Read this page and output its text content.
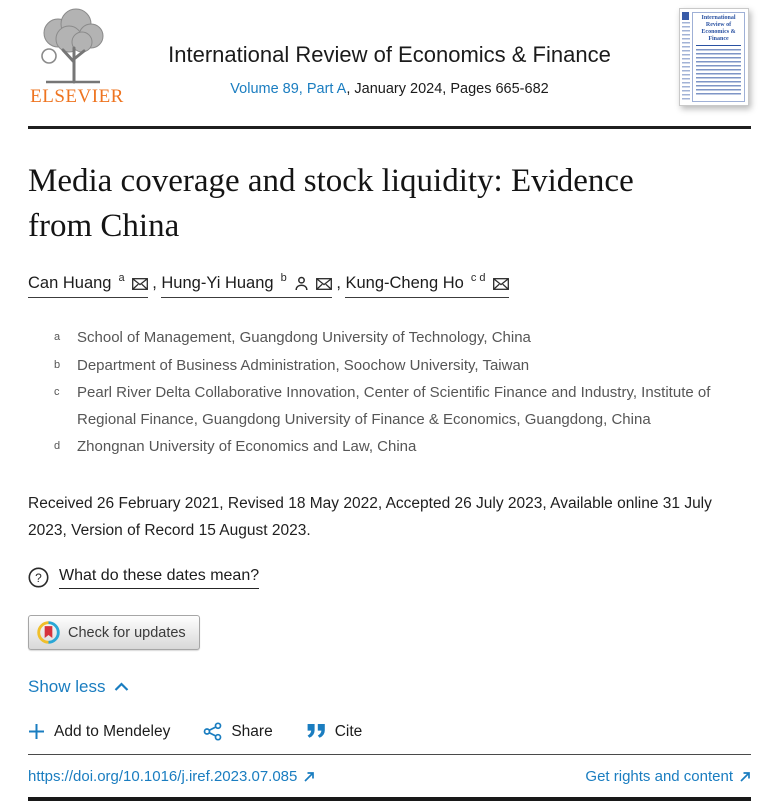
ELSEVIER
International Review of Economics & Finance
Volume 89, Part A, January 2024, Pages 665-682
International Review of Economics & Finance
Media coverage and stock liquidity: Evidence from China
Can Huang $^a$
, Hung-Yi Huang $^b$
,	Kung-Cheng Ho $^{c d}$
a School of Management, Guangdong University of Technology, China
b Department of Business Administration, Soochow University, Taiwan
c	Pearl River Delta Collaborative Innovation, Center of Scientific Finance and Industry, Institute of Regional Finance, Guangdong University of Finance & Economics, Guangdong, China
d Zhongnan University of Economics and Law, China

Received 26 February 2021, Revised 18 May 2022, Accepted 26 July 2023, Available online 31 July 2023, Version of Record 15 August 2023.

? What do these dates mean?
Check for updates
Show less
Add to Mendeley	Share	Cite
https://doi.org/10.1016/j.iref.2023.07.085	Get rights and content
